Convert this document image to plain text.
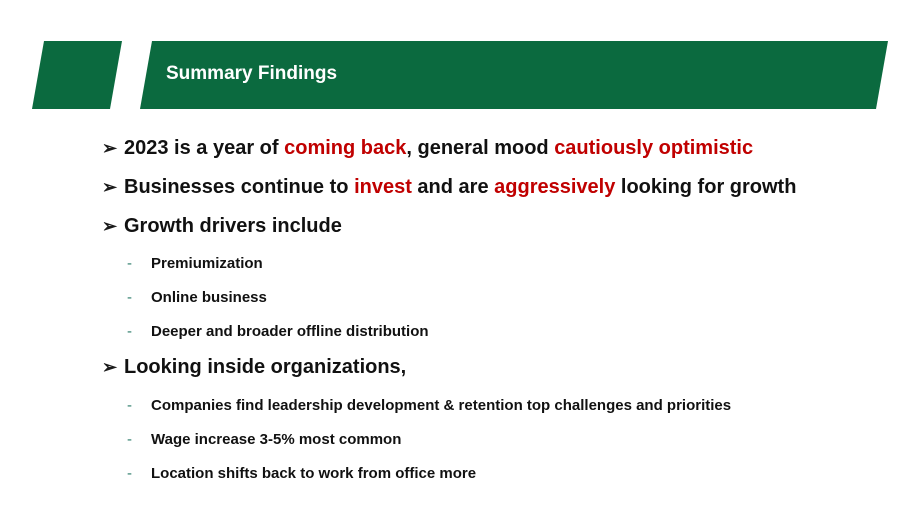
Summary Findings
➢ 2023 is a year of coming back, general mood cautiously optimistic
➢ Businesses continue to invest and are aggressively looking for growth
➢ Growth drivers include
- Premiumization
- Online business
- Deeper and broader offline distribution
➢ Looking inside organizations,
- Companies find leadership development & retention top challenges and priorities
- Wage increase 3-5% most common
- Location shifts back to work from office more
